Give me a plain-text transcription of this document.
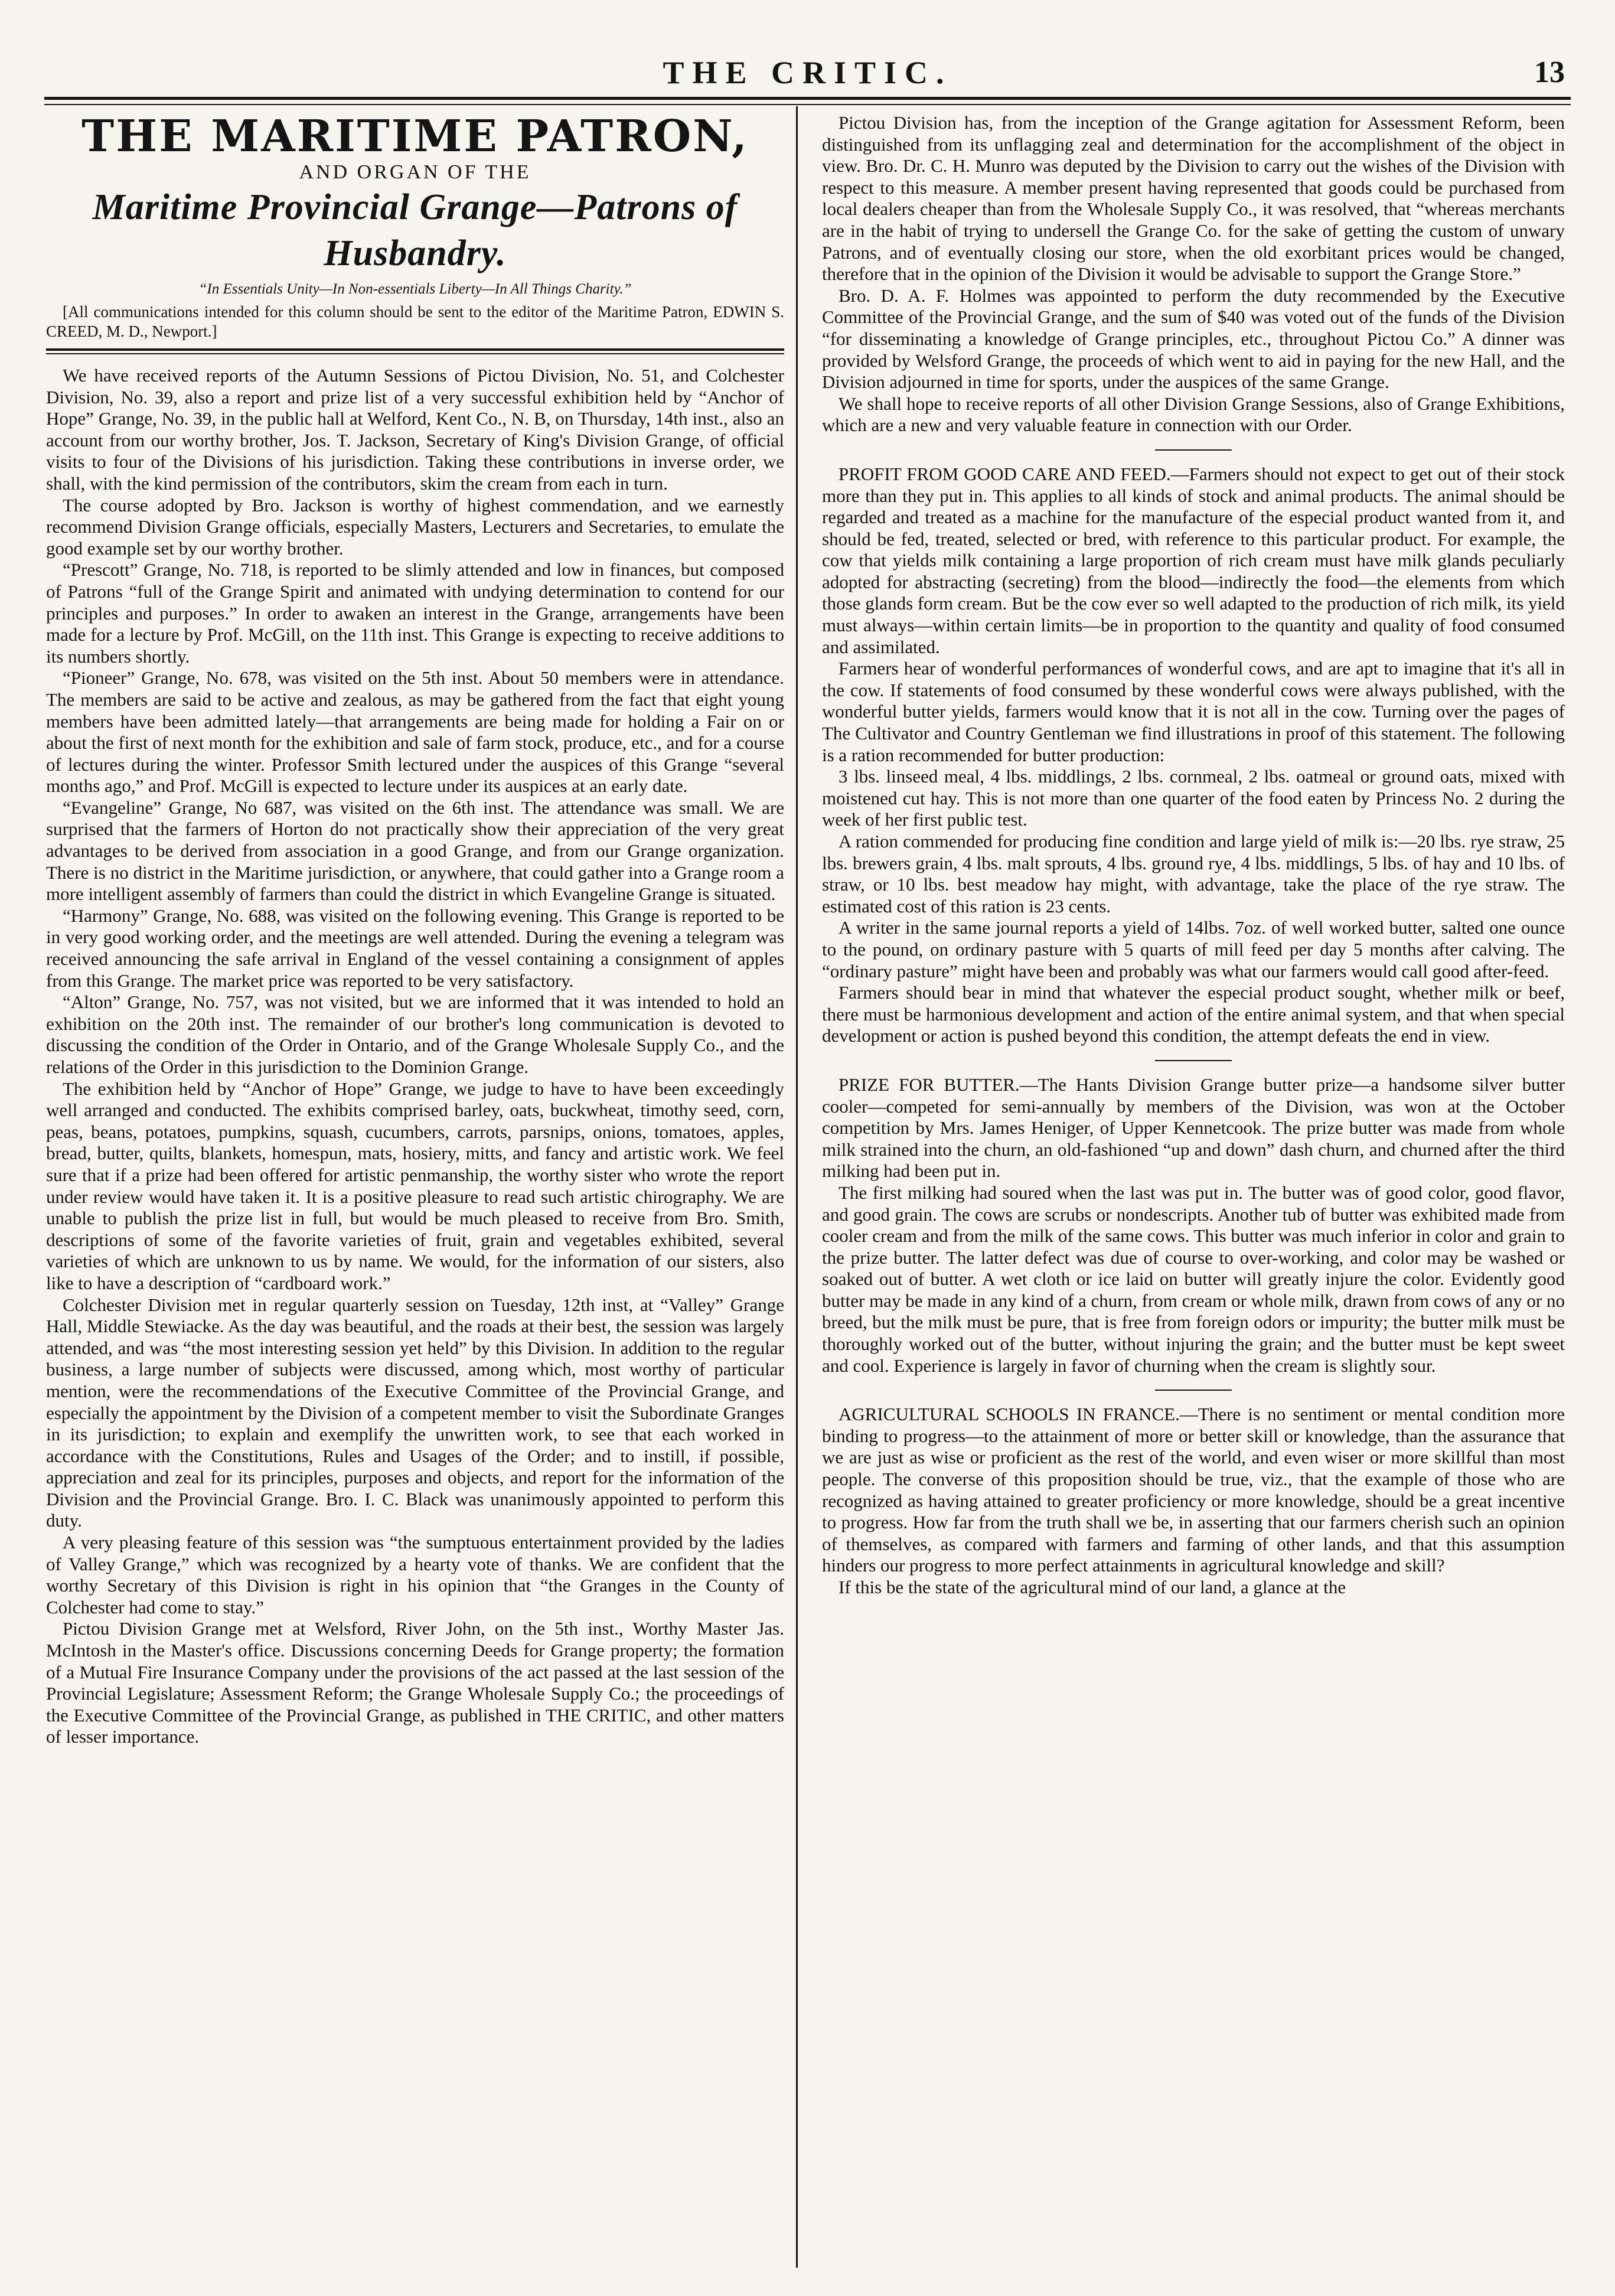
THE CRITIC.	13
THE MARITIME PATRON,
AND ORGAN OF THE
Maritime Provincial Grange—Patrons of Husbandry.
“In Essentials Unity—In Non-essentials Liberty—In All Things Charity.”

[All communications intended for this column should be sent to the editor of the Maritime Patron, EDWIN S. CREED, M. D., Newport.]

We have received reports of the Autumn Sessions of Pictou Division, No. 51, and Colchester Division, No. 39, also a report and prize list of a very successful exhibition held by “Anchor of Hope” Grange, No. 39, in the public hall at Welford, Kent Co., N. B, on Thursday, 14th inst., also an account from our worthy brother, Jos. T. Jackson, Secretary of King's Division Grange, of official visits to four of the Divisions of his jurisdiction. Taking these contributions in inverse order, we shall, with the kind permission of the contributors, skim the cream from each in turn.

The course adopted by Bro. Jackson is worthy of highest commendation, and we earnestly recommend Division Grange officials, especially Masters, Lecturers and Secretaries, to emulate the good example set by our worthy brother.

“Prescott” Grange, No. 718, is reported to be slimly attended and low in finances, but composed of Patrons “full of the Grange Spirit and animated with undying determination to contend for our principles and purposes.” In order to awaken an interest in the Grange, arrangements have been made for a lecture by Prof. McGill, on the 11th inst. This Grange is expecting to receive additions to its numbers shortly.

“Pioneer” Grange, No. 678, was visited on the 5th inst. About 50 members were in attendance. The members are said to be active and zealous, as may be gathered from the fact that eight young members have been admitted lately—that arrangements are being made for holding a Fair on or about the first of next month for the exhibition and sale of farm stock, produce, etc., and for a course of lectures during the winter. Professor Smith lectured under the auspices of this Grange “several months ago,” and Prof. McGill is expected to lecture under its auspices at an early date.

“Evangeline” Grange, No 687, was visited on the 6th inst. The attendance was small. We are surprised that the farmers of Horton do not practically show their appreciation of the very great advantages to be derived from association in a good Grange, and from our Grange organization. There is no district in the Maritime jurisdiction, or anywhere, that could gather into a Grange room a more intelligent assembly of farmers than could the district in which Evangeline Grange is situated.

“Harmony” Grange, No. 688, was visited on the following evening. This Grange is reported to be in very good working order, and the meetings are well attended. During the evening a telegram was received announcing the safe arrival in England of the vessel containing a consignment of apples from this Grange. The market price was reported to be very satisfactory.

“Alton” Grange, No. 757, was not visited, but we are informed that it was intended to hold an exhibition on the 20th inst. The remainder of our brother's long communication is devoted to discussing the condition of the Order in Ontario, and of the Grange Wholesale Supply Co., and the relations of the Order in this jurisdiction to the Dominion Grange.

The exhibition held by “Anchor of Hope” Grange, we judge to have to have been exceedingly well arranged and conducted. The exhibits comprised barley, oats, buckwheat, timothy seed, corn, peas, beans, potatoes, pumpkins, squash, cucumbers, carrots, parsnips, onions, tomatoes, apples, bread, butter, quilts, blankets, homespun, mats, hosiery, mitts, and fancy and artistic work. We feel sure that if a prize had been offered for artistic penmanship, the worthy sister who wrote the report under review would have taken it. It is a positive pleasure to read such artistic chirography. We are unable to publish the prize list in full, but would be much pleased to receive from Bro. Smith, descriptions of some of the favorite varieties of fruit, grain and vegetables exhibited, several varieties of which are unknown to us by name. We would, for the information of our sisters, also like to have a description of “cardboard work.”

Colchester Division met in regular quarterly session on Tuesday, 12th inst, at “Valley” Grange Hall, Middle Stewiacke. As the day was beautiful, and the roads at their best, the session was largely attended, and was “the most interesting session yet held” by this Division. In addition to the regular business, a large number of subjects were discussed, among which, most worthy of particular mention, were the recommendations of the Executive Committee of the Provincial Grange, and especially the appointment by the Division of a competent member to visit the Subordinate Granges in its jurisdiction; to explain and exemplify the unwritten work, to see that each worked in accordance with the Constitutions, Rules and Usages of the Order; and to instill, if possible, appreciation and zeal for its principles, purposes and objects, and report for the information of the Division and the Provincial Grange. Bro. I. C. Black was unanimously appointed to perform this duty.

A very pleasing feature of this session was “the sumptuous entertainment provided by the ladies of Valley Grange,” which was recognized by a hearty vote of thanks. We are confident that the worthy Secretary of this Division is right in his opinion that “the Granges in the County of Colchester had come to stay.”

Pictou Division Grange met at Welsford, River John, on the 5th inst., Worthy Master Jas. McIntosh in the Master's office. Discussions concerning Deeds for Grange property; the formation of a Mutual Fire Insurance Company under the provisions of the act passed at the last session of the Provincial Legislature; Assessment Reform; the Grange Wholesale Supply Co.; the proceedings of the Executive Committee of the Provincial Grange, as published in THE CRITIC, and other matters of lesser importance.

Pictou Division has, from the inception of the Grange agitation for Assessment Reform, been distinguished from its unflagging zeal and determination for the accomplishment of the object in view. Bro. Dr. C. H. Munro was deputed by the Division to carry out the wishes of the Division with respect to this measure. A member present having represented that goods could be purchased from local dealers cheaper than from the Wholesale Supply Co., it was resolved, that “whereas merchants are in the habit of trying to undersell the Grange Co. for the sake of getting the custom of unwary Patrons, and of eventually closing our store, when the old exorbitant prices would be changed, therefore that in the opinion of the Division it would be advisable to support the Grange Store.”

Bro. D. A. F. Holmes was appointed to perform the duty recommended by the Executive Committee of the Provincial Grange, and the sum of $40 was voted out of the funds of the Division “for disseminating a knowledge of Grange principles, etc., throughout Pictou Co.” A dinner was provided by Welsford Grange, the proceeds of which went to aid in paying for the new Hall, and the Division adjourned in time for sports, under the auspices of the same Grange.

We shall hope to receive reports of all other Division Grange Sessions, also of Grange Exhibitions, which are a new and very valuable feature in connection with our Order.

PROFIT FROM GOOD CARE AND FEED.—Farmers should not expect to get out of their stock more than they put in. This applies to all kinds of stock and animal products. The animal should be regarded and treated as a machine for the manufacture of the especial product wanted from it, and should be fed, treated, selected or bred, with reference to this particular product. For example, the cow that yields milk containing a large proportion of rich cream must have milk glands peculiarly adopted for abstracting (secreting) from the blood—indirectly the food—the elements from which those glands form cream. But be the cow ever so well adapted to the production of rich milk, its yield must always—within certain limits—be in proportion to the quantity and quality of food consumed and assimilated.

Farmers hear of wonderful performances of wonderful cows, and are apt to imagine that it's all in the cow. If statements of food consumed by these wonderful cows were always published, with the wonderful butter yields, farmers would know that it is not all in the cow. Turning over the pages of The Cultivator and Country Gentleman we find illustrations in proof of this statement. The following is a ration recommended for butter production:

3 lbs. linseed meal, 4 lbs. middlings, 2 lbs. cornmeal, 2 lbs. oatmeal or ground oats, mixed with moistened cut hay. This is not more than one quarter of the food eaten by Princess No. 2 during the week of her first public test.

A ration commended for producing fine condition and large yield of milk is:—20 lbs. rye straw, 25 lbs. brewers grain, 4 lbs. malt sprouts, 4 lbs. ground rye, 4 lbs. middlings, 5 lbs. of hay and 10 lbs. of straw, or 10 lbs. best meadow hay might, with advantage, take the place of the rye straw. The estimated cost of this ration is 23 cents.

A writer in the same journal reports a yield of 14lbs. 7oz. of well worked butter, salted one ounce to the pound, on ordinary pasture with 5 quarts of mill feed per day 5 months after calving. The “ordinary pasture” might have been and probably was what our farmers would call good after-feed.

Farmers should bear in mind that whatever the especial product sought, whether milk or beef, there must be harmonious development and action of the entire animal system, and that when special development or action is pushed beyond this condition, the attempt defeats the end in view.

PRIZE FOR BUTTER.—The Hants Division Grange butter prize—a handsome silver butter cooler—competed for semi-annually by members of the Division, was won at the October competition by Mrs. James Heniger, of Upper Kennetcook. The prize butter was made from whole milk strained into the churn, an old-fashioned “up and down” dash churn, and churned after the third milking had been put in.

The first milking had soured when the last was put in. The butter was of good color, good flavor, and good grain. The cows are scrubs or nondescripts. Another tub of butter was exhibited made from cooler cream and from the milk of the same cows. This butter was much inferior in color and grain to the prize butter. The latter defect was due of course to over-working, and color may be washed or soaked out of butter. A wet cloth or ice laid on butter will greatly injure the color. Evidently good butter may be made in any kind of a churn, from cream or whole milk, drawn from cows of any or no breed, but the milk must be pure, that is free from foreign odors or impurity; the butter milk must be thoroughly worked out of the butter, without injuring the grain; and the butter must be kept sweet and cool. Experience is largely in favor of churning when the cream is slightly sour.

AGRICULTURAL SCHOOLS IN FRANCE.—There is no sentiment or mental condition more binding to progress—to the attainment of more or better skill or knowledge, than the assurance that we are just as wise or proficient as the rest of the world, and even wiser or more skillful than most people. The converse of this proposition should be true, viz., that the example of those who are recognized as having attained to greater proficiency or more knowledge, should be a great incentive to progress. How far from the truth shall we be, in asserting that our farmers cherish such an opinion of themselves, as compared with farmers and farming of other lands, and that this assumption hinders our progress to more perfect attainments in agricultural knowledge and skill?

If this be the state of the agricultural mind of our land, a glance at the
